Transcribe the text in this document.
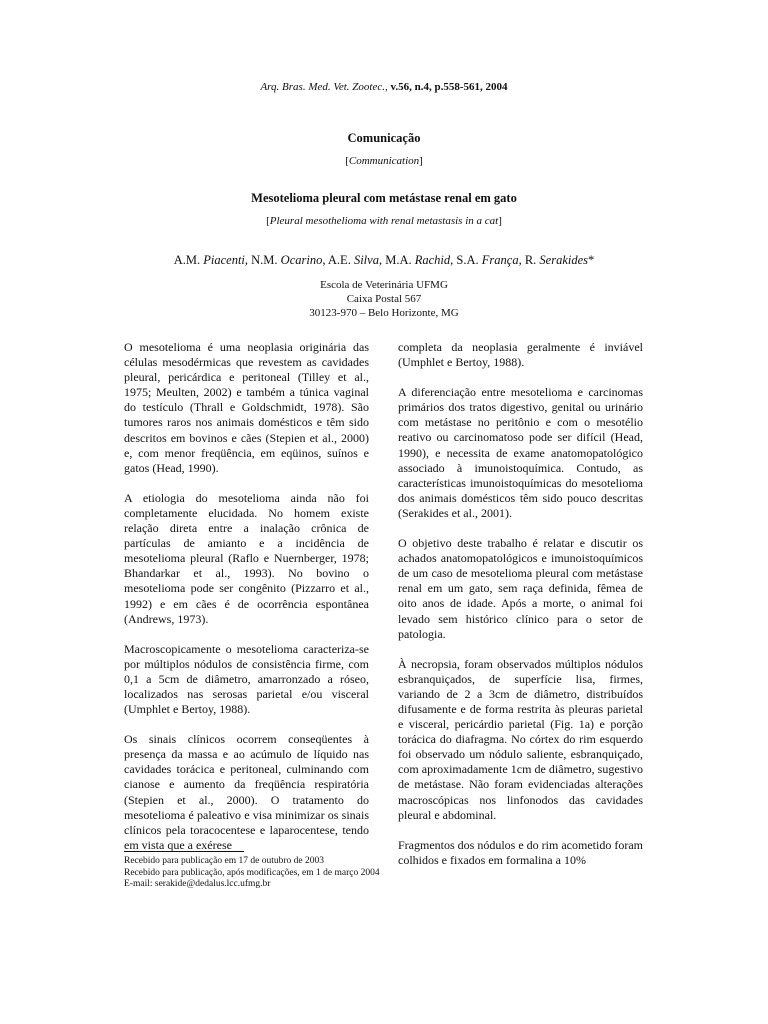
Arq. Bras. Med. Vet. Zootec., v.56, n.4, p.558-561, 2004
Comunicação
[Communication]
Mesotelioma pleural com metástase renal em gato
[Pleural mesothelioma with renal metastasis in a cat]
A.M. Piacenti, N.M. Ocarino, A.E. Silva, M.A. Rachid, S.A. França, R. Serakides*
Escola de Veterinária UFMG
Caixa Postal 567
30123-970 – Belo Horizonte, MG

O mesotelioma é uma neoplasia originária das células mesodérmicas que revestem as cavidades pleural, pericárdica e peritoneal (Tilley et al., 1975; Meulten, 2002) e também a túnica vaginal do testículo (Thrall e Goldschmidt, 1978). São tumores raros nos animais domésticos e têm sido descritos em bovinos e cães (Stepien et al., 2000) e, com menor freqüência, em eqüinos, suínos e gatos (Head, 1990).

A etiologia do mesotelioma ainda não foi completamente elucidada. No homem existe relação direta entre a inalação crônica de partículas de amianto e a incidência de mesotelioma pleural (Raflo e Nuernberger, 1978; Bhandarkar et al., 1993). No bovino o mesotelioma pode ser congênito (Pizzarro et al., 1992) e em cães é de ocorrência espontânea (Andrews, 1973).

Macroscopicamente o mesotelioma caracteriza-se por múltiplos nódulos de consistência firme, com 0,1 a 5cm de diâmetro, amarronzado a róseo, localizados nas serosas parietal e/ou visceral (Umphlet e Bertoy, 1988).

Os sinais clínicos ocorrem conseqüentes à presença da massa e ao acúmulo de líquido nas cavidades torácica e peritoneal, culminando com cianose e aumento da freqüência respiratória (Stepien et al., 2000). O tratamento do mesotelioma é paleativo e visa minimizar os sinais clínicos pela toracocentese e laparocentese, tendo em vista que a exérese

completa da neoplasia geralmente é inviável (Umphlet e Bertoy, 1988).

A diferenciação entre mesotelioma e carcinomas primários dos tratos digestivo, genital ou urinário com metástase no peritônio e com o mesotélio reativo ou carcinomatoso pode ser difícil (Head, 1990), e necessita de exame anatomopatológico associado à imunoistoquímica. Contudo, as características imunoistoquímicas do mesotelioma dos animais domésticos têm sido pouco descritas (Serakides et al., 2001).

O objetivo deste trabalho é relatar e discutir os achados anatomopatológicos e imunoistoquímicos de um caso de mesotelioma pleural com metástase renal em um gato, sem raça definida, fêmea de oito anos de idade. Após a morte, o animal foi levado sem histórico clínico para o setor de patologia.

À necropsia, foram observados múltiplos nódulos esbranquiçados, de superfície lisa, firmes, variando de 2 a 3cm de diâmetro, distribuídos difusamente e de forma restrita às pleuras parietal e visceral, pericárdio parietal (Fig. 1a) e porção torácica do diafragma. No córtex do rim esquerdo foi observado um nódulo saliente, esbranquiçado, com aproximadamente 1cm de diâmetro, sugestivo de metástase. Não foram evidenciadas alterações macroscópicas nos linfonodos das cavidades pleural e abdominal.

Fragmentos dos nódulos e do rim acometido foram colhidos e fixados em formalina a 10%

Recebido para publicação em 17 de outubro de 2003
Recebido para publicação, após modificações, em 1 de março 2004
E-mail: serakide@dedalus.lcc.ufmg.br
